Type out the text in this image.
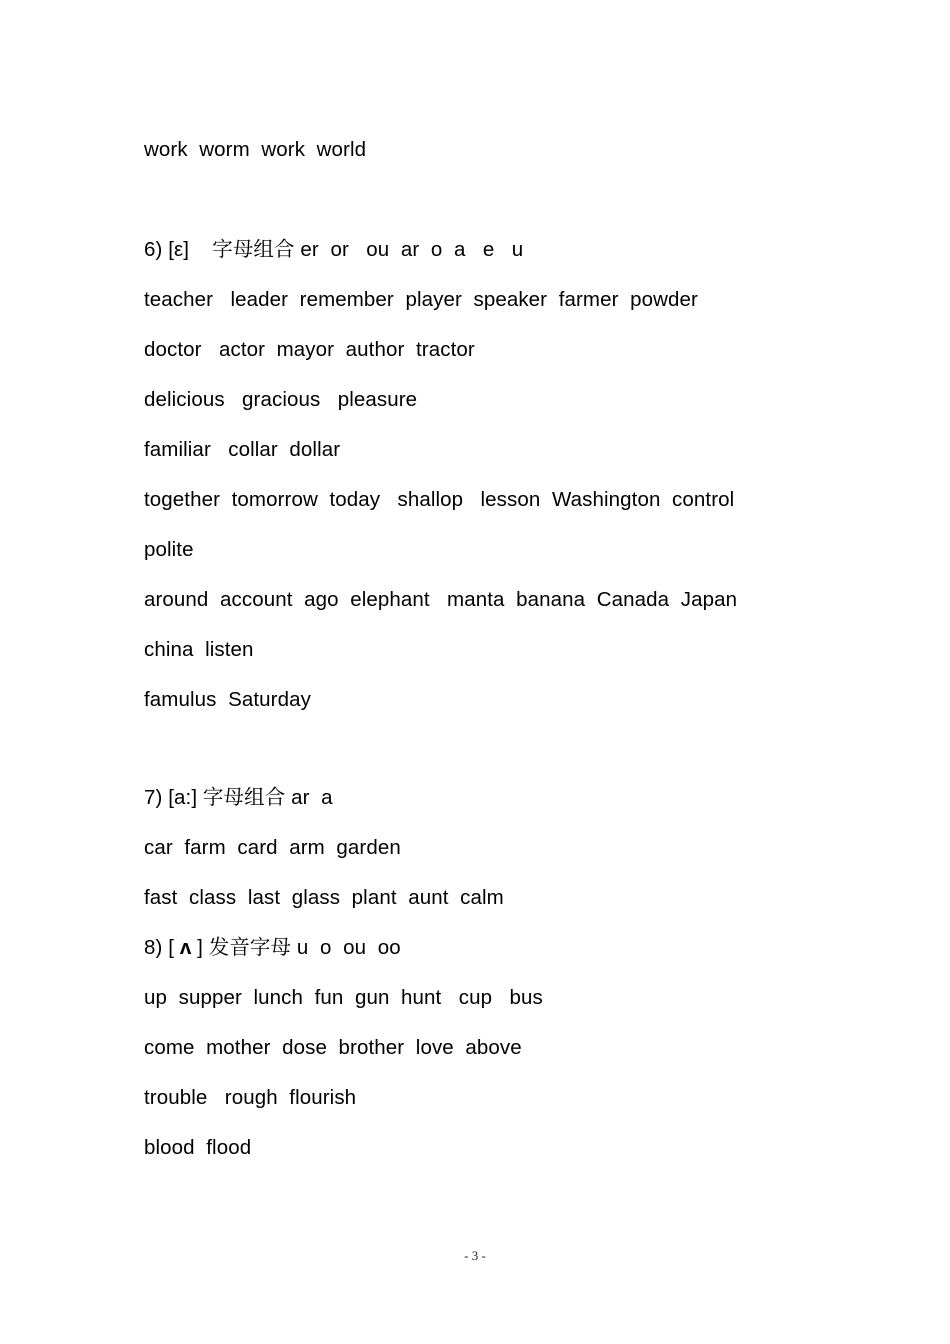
work  worm  work  world
6) [ε]    字母组合 er  or   ou  ar  o  a   e   u
teacher   leader  remember  player  speaker  farmer  powder
doctor   actor  mayor  author  tractor
delicious   gracious   pleasure
familiar   collar  dollar
together  tomorrow  today   shallop   lesson  Washington  control
polite
around  account  ago  elephant   manta  banana  Canada  Japan
china  listen
famulus  Saturday
7) [a:] 字母组合 ar  a
car  farm  card  arm  garden
fast  class  last  glass  plant  aunt  calm
8) [ ʌ ] 发音字母 u  o  ou  oo
up  supper  lunch  fun  gun  hunt   cup   bus
come  mother  dose  brother  love  above
trouble   rough  flourish
blood  flood
- 3 -
